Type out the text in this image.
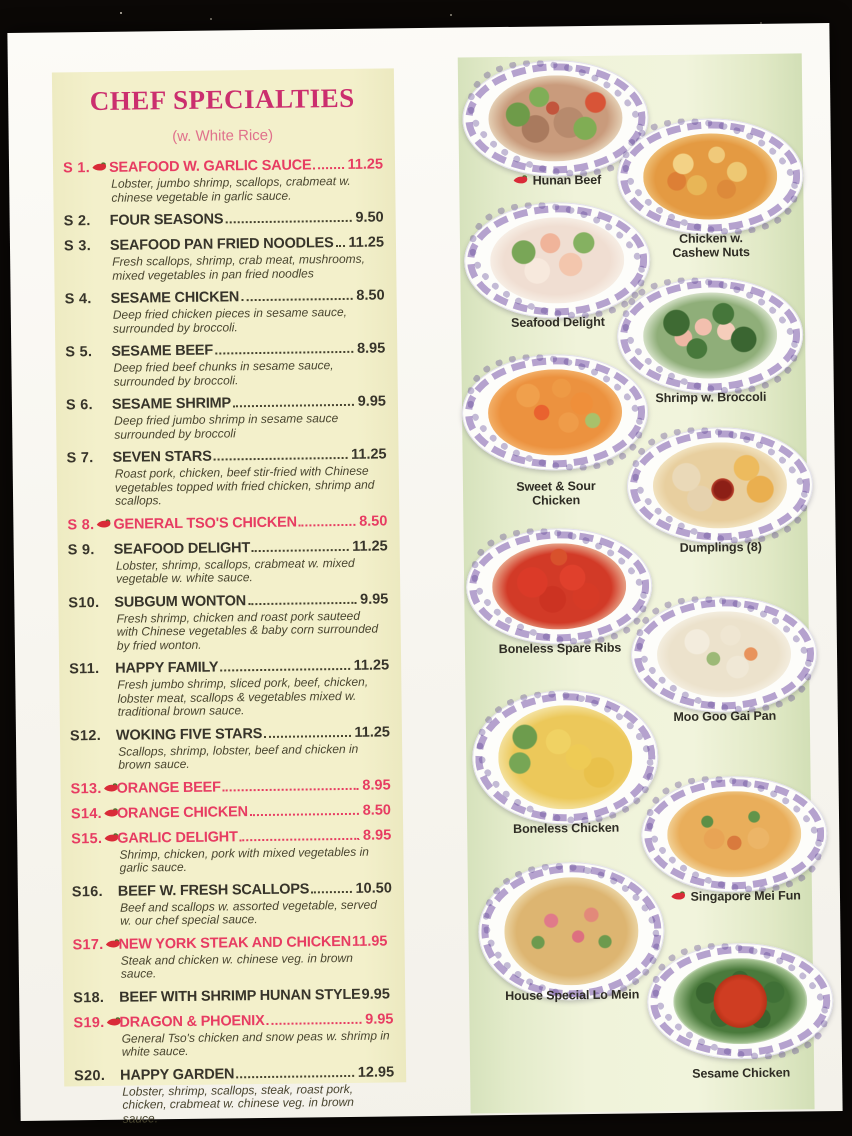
CHEF SPECIALTIES
(w. White Rice)
S 1.	SEAFOOD W. GARLIC SAUCE 11.25
Lobster, jumbo shrimp, scallops, crabmeat w. chinese vegetable in garlic sauce.
S 2.	FOUR SEASONS	9.50
S 3.	SEAFOOD PAN FRIED NOODLES 11.25
Fresh scallops, shrimp, crab meat, mushrooms, mixed vegetables in pan fried noodles
S 4.	SESAME CHICKEN	8.50
Deep fried chicken pieces in sesame sauce, surrounded by broccoli.
S 5.	SESAME BEEF	8.95
Deep fried beef chunks in sesame sauce, surrounded by broccoli.
S 6.	SESAME SHRIMP	9.95
Deep fried jumbo shrimp in sesame sauce surrounded by broccoli
S 7.	SEVEN STARS	11.25
Roast pork, chicken, beef stir-fried with Chinese vegetables topped with fried chicken, shrimp and scallops.
S 8.	GENERAL TSO'S CHICKEN	8.50
S 9.	SEAFOOD DELIGHT	11.25
Lobster, shrimp, scallops, crabmeat w. mixed vegetable w. white sauce.
S10.	SUBGUM WONTON	9.95
Fresh shrimp, chicken and roast pork sauteed with Chinese vegetables & baby corn surrounded by fried wonton.
S11.	HAPPY FAMILY	11.25
Fresh jumbo shrimp, sliced pork, beef, chicken, lobster meat, scallops & vegetables mixed w. traditional brown sauce.
S12.	WOKING FIVE STARS	11.25
Scallops, shrimp, lobster, beef and chicken in brown sauce.
S13.	ORANGE BEEF	8.95
S14.	ORANGE CHICKEN	8.50
S15.	GARLIC DELIGHT	8.95
Shrimp, chicken, pork with mixed vegetables in garlic sauce.
S16.	BEEF W. FRESH SCALLOPS	10.50
Beef and scallops w. assorted vegetable, served w. our chef special sauce.
S17.	NEW YORK STEAK AND CHICKEN 11.95
Steak and chicken w. chinese veg. in brown sauce.
S18.	BEEF WITH SHRIMP HUNAN STYLE 9.95
S19.	DRAGON & PHOENIX	9.95
General Tso's chicken and snow peas w. shrimp in white sauce.
S20.	HAPPY GARDEN	12.95
Lobster, shrimp, scallops, steak, roast pork, chicken, crabmeat w. chinese veg. in brown sauce.
Hunan Beef
Chicken w. Cashew Nuts
Seafood Delight
Shrimp w. Broccoli
Sweet & Sour Chicken
Dumplings (8)
Boneless Spare Ribs
Moo Goo Gai Pan
Boneless Chicken
Singapore Mei Fun
House Special Lo Mein
Sesame Chicken
